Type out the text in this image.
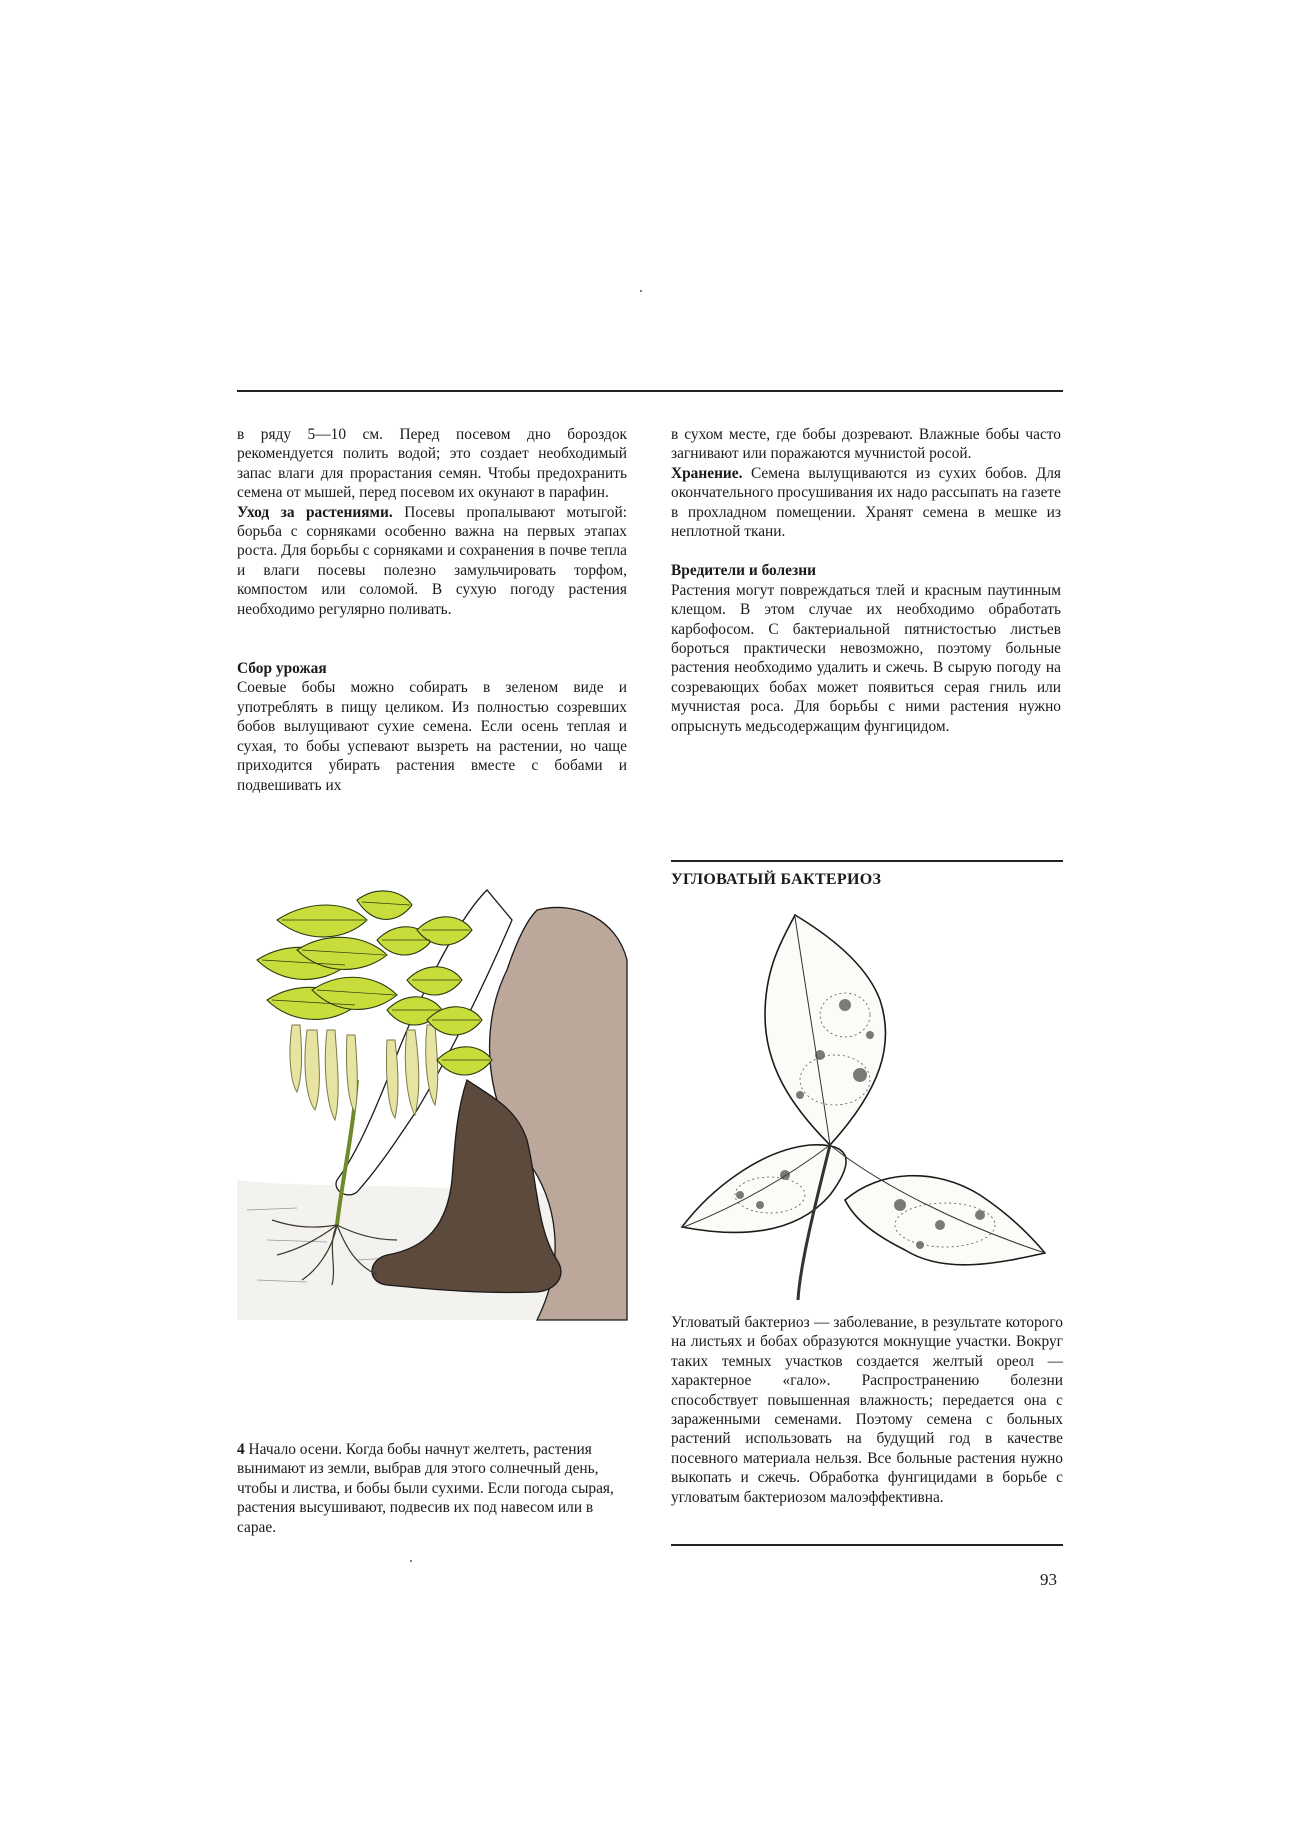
в ряду 5—10 см. Перед посевом дно бороздок рекомендуется полить водой; это создает необходимый запас влаги для прорастания семян. Чтобы предохранить семена от мышей, перед посевом их окунают в парафин.

Уход за растениями. Посевы пропалывают мотыгой: борьба с сорняками особенно важна на первых этапах роста. Для борьбы с сорняками и сохранения в почве тепла и влаги посевы полезно замульчировать торфом, компостом или соломой. В сухую погоду растения необходимо регулярно поливать.

Сбор урожая

Соевые бобы можно собирать в зеленом виде и употреблять в пищу целиком. Из полностью созревших бобов вылущивают сухие семена. Если осень теплая и сухая, то бобы успевают вызреть на растении, но чаще приходится убирать растения вместе с бобами и подвешивать их

в сухом месте, где бобы дозревают. Влажные бобы часто загнивают или поражаются мучнистой росой.

Хранение. Семена вылущиваются из сухих бобов. Для окончательного просушивания их надо рассыпать на газете в прохладном помещении. Хранят семена в мешке из неплотной ткани.

Вредители и болезни

Растения могут повреждаться тлей и красным паутинным клещом. В этом случае их необходимо обработать карбофосом. С бактериальной пятнистостью листьев бороться практически невозможно, поэтому больные растения необходимо удалить и сжечь. В сырую погоду на созревающих бобах может появиться серая гниль или мучнистая роса. Для борьбы с ними растения нужно опрыснуть медьсодержащим фунгицидом.

УГЛОВАТЫЙ БАКТЕРИОЗ
Угловатый бактериоз — заболевание, в результате которого на листьях и бобах образуются мокнущие участки. Вокруг таких темных участков создается желтый ореол — характерное «гало». Распространению болезни способствует повышенная влажность; передается она с зараженными семенами. Поэтому семена с больных растений использовать на будущий год в качестве посевного материала нельзя. Все больные растения нужно выкопать и сжечь. Обработка фунгицидами в борьбе с угловатым бактериозом малоэффективна.
4 Начало осени. Когда бобы начнут желтеть, растения вынимают из земли, выбрав для этого солнечный день, чтобы и листва, и бобы были сухими. Если погода сырая, растения высушивают, подвесив их под навесом или в сарае.
93
